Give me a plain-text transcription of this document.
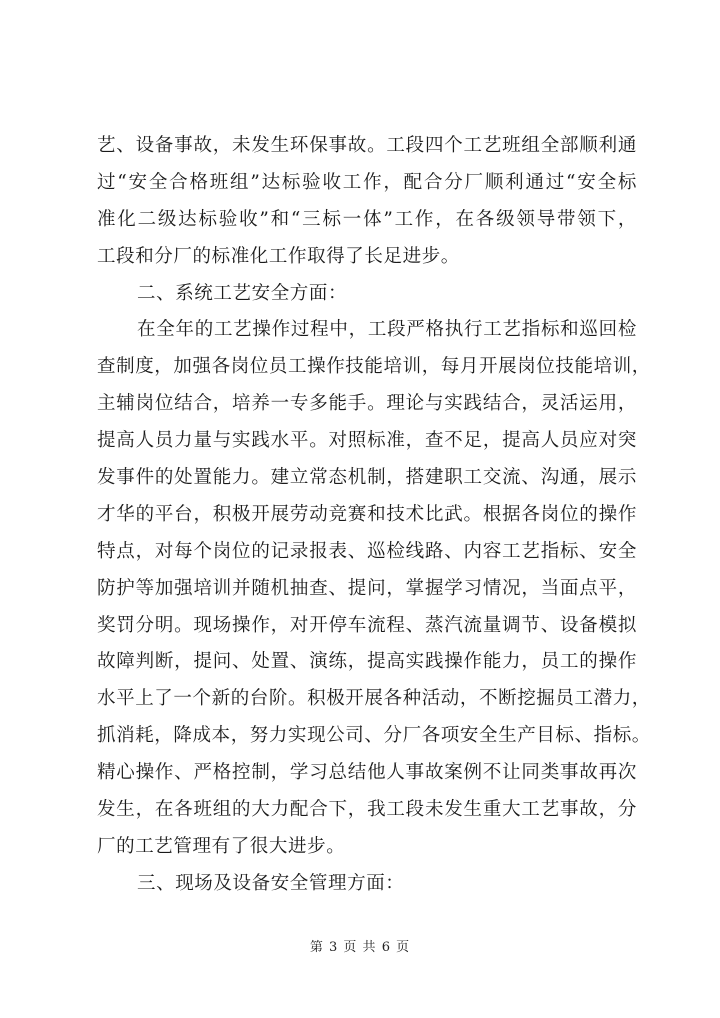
艺、设备事故，未发生环保事故。工段四个工艺班组全部顺利通
过“安全合格班组”达标验收工作，配合分厂顺利通过“安全标
准化二级达标验收”和“三标一体”工作，在各级领导带领下，
工段和分厂的标准化工作取得了长足进步。
二、系统工艺安全方面：
在全年的工艺操作过程中，工段严格执行工艺指标和巡回检
查制度，加强各岗位员工操作技能培训，每月开展岗位技能培训，
主辅岗位结合，培养一专多能手。理论与实践结合，灵活运用，
提高人员力量与实践水平。对照标准，查不足，提高人员应对突
发事件的处置能力。建立常态机制，搭建职工交流、沟通，展示
才华的平台，积极开展劳动竞赛和技术比武。根据各岗位的操作
特点，对每个岗位的记录报表、巡检线路、内容工艺指标、安全
防护等加强培训并随机抽查、提问，掌握学习情况，当面点平，
奖罚分明。现场操作，对开停车流程、蒸汽流量调节、设备模拟
故障判断，提问、处置、演练，提高实践操作能力，员工的操作
水平上了一个新的台阶。积极开展各种活动，不断挖掘员工潜力，
抓消耗，降成本，努力实现公司、分厂各项安全生产目标、指标。
精心操作、严格控制，学习总结他人事故案例不让同类事故再次
发生，在各班组的大力配合下，我工段未发生重大工艺事故，分
厂的工艺管理有了很大进步。
三、现场及设备安全管理方面：
第 3 页 共 6 页
